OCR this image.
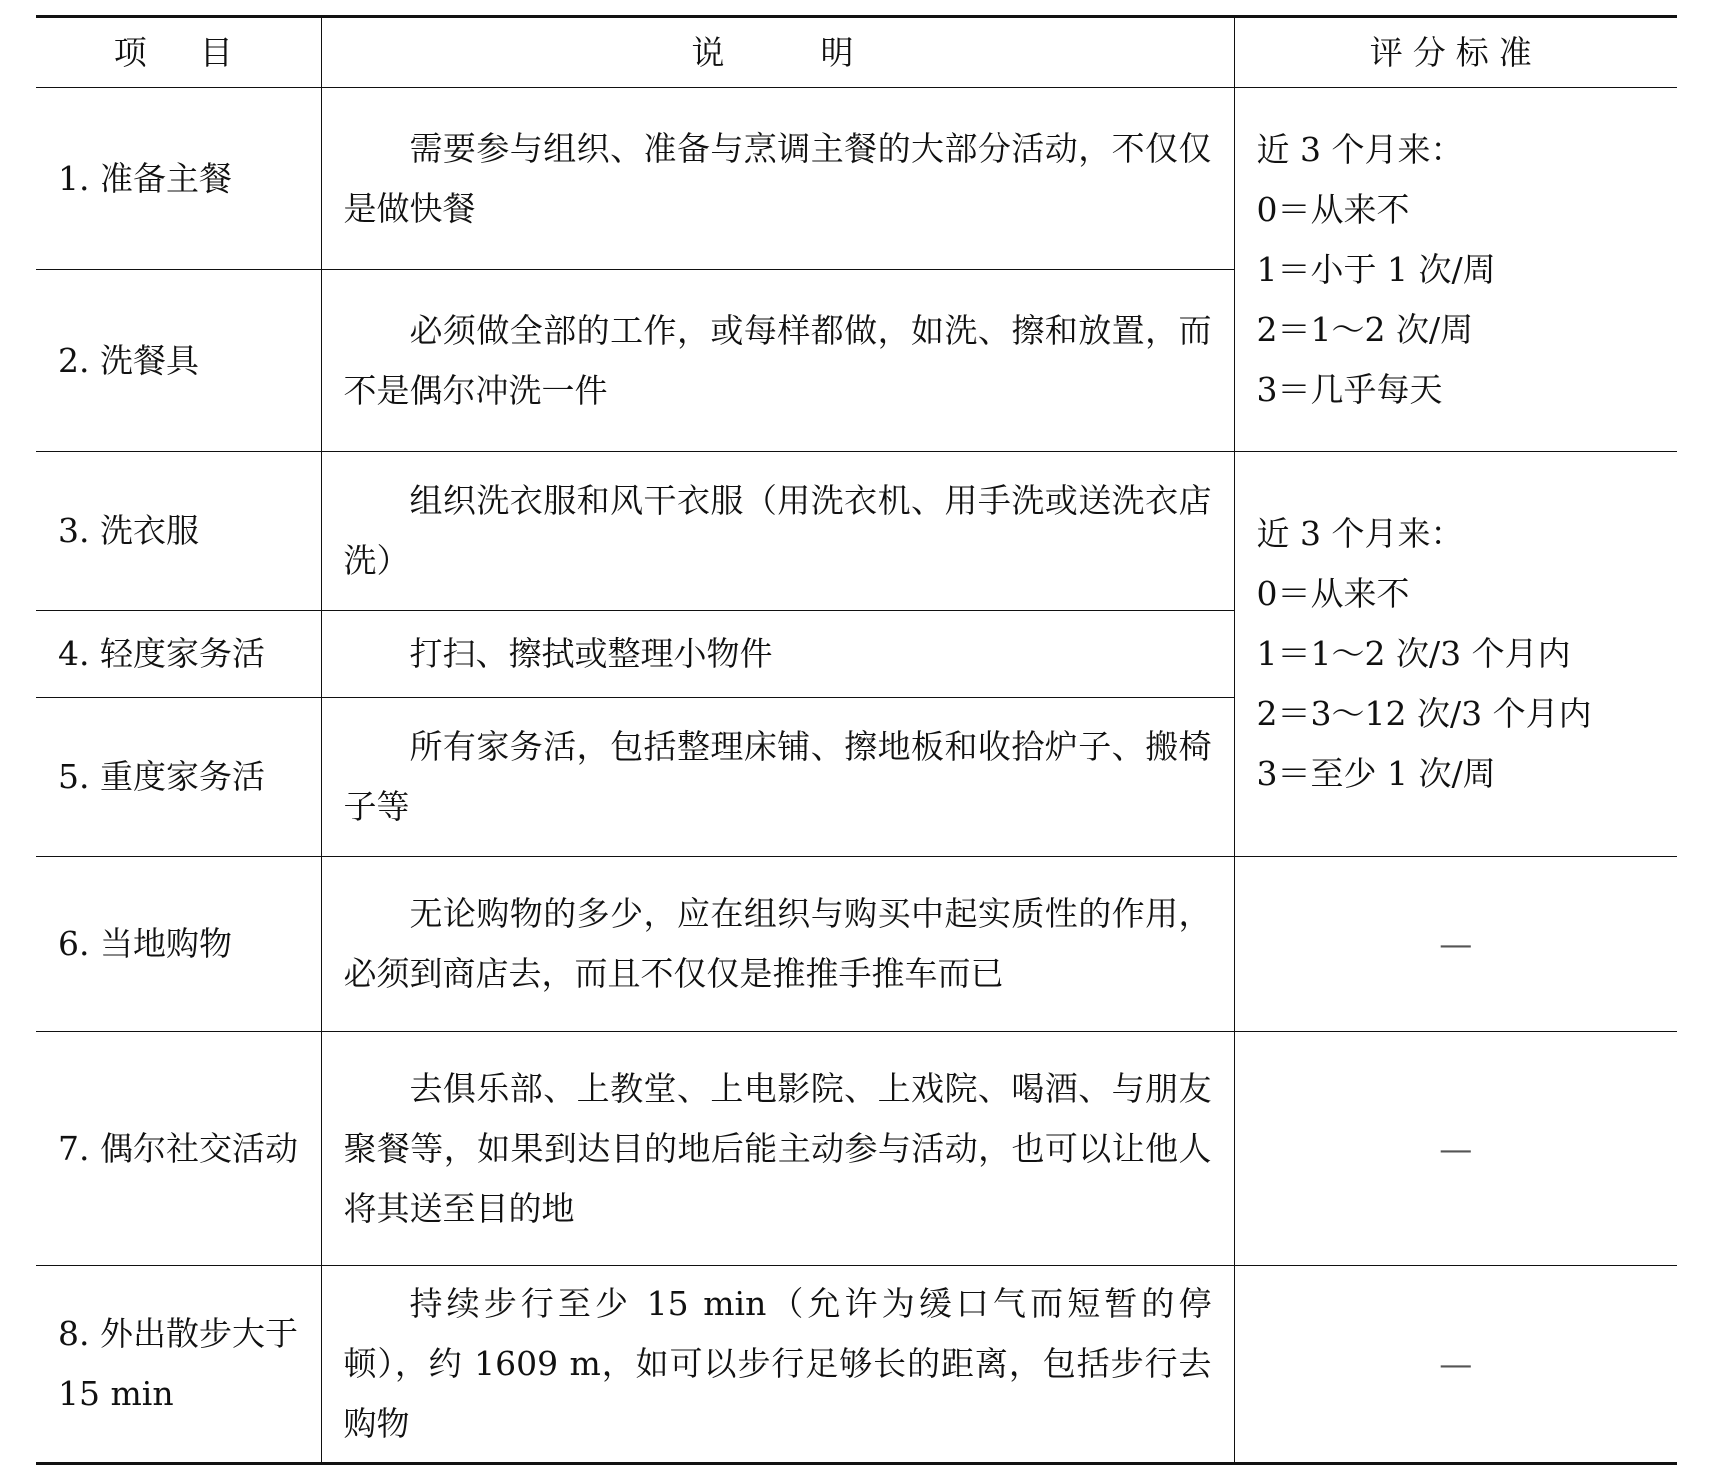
项　目	说　　明	评分标准
1. 准备主餐	需要参与组织、准备与烹调主餐的大部分活动，不仅仅是做快餐	近 3 个月来：
0＝从来不
1＝小于 1 次/周
2＝1～2 次/周
3＝几乎每天

2. 洗餐具	必须做全部的工作，或每样都做，如洗、擦和放置，而不是偶尔冲洗一件	
3. 洗衣服	组织洗衣服和风干衣服（用洗衣机、用手洗或送洗衣店洗）	近 3 个月来：
0＝从来不
1＝1～2 次/3 个月内
2＝3～12 次/3 个月内
3＝至少 1 次/周

4. 轻度家务活	打扫、擦拭或整理小物件	
5. 重度家务活	所有家务活，包括整理床铺、擦地板和收拾炉子、搬椅子等	
6. 当地购物	无论购物的多少，应在组织与购买中起实质性的作用，必须到商店去，而且不仅仅是推推手推车而已	—
7. 偶尔社交活动	去俱乐部、上教堂、上电影院、上戏院、喝酒、与朋友聚餐等，如果到达目的地后能主动参与活动，也可以让他人将其送至目的地	—
8. 外出散步大于 15 min	持续步行至少 15 min（允许为缓口气而短暂的停顿），约 1609 m，如可以步行足够长的距离，包括步行去购物	—
